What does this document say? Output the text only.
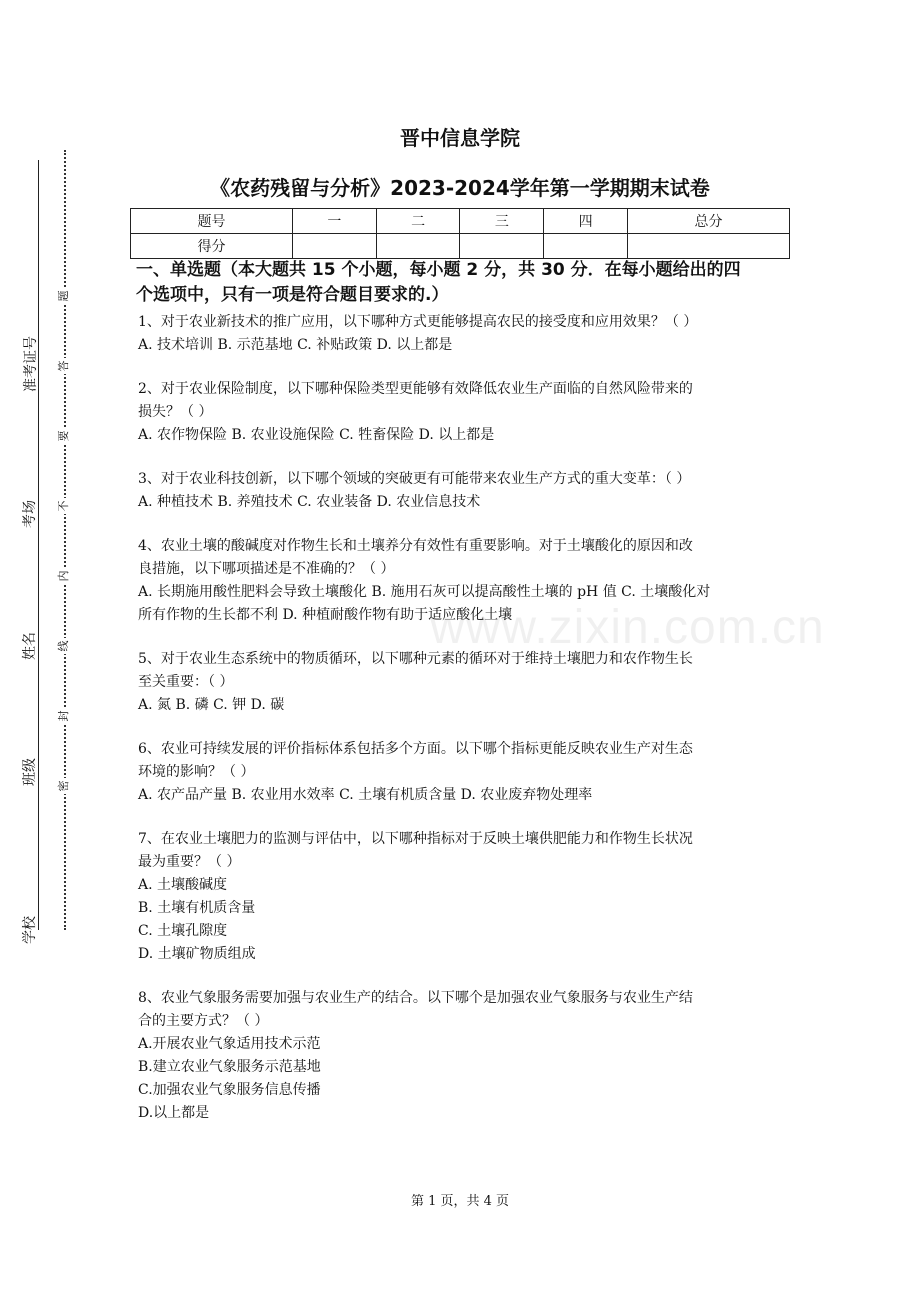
准考证号
考场
姓名
班级
学校
题
答
要
不
内
线
封
密
www.zixin.com.cn
晋中信息学院
《农药残留与分析》2023-2024学年第一学期期末试卷
题号	一	二	三	四	总分
得分					
一、单选题（本大题共 15 个小题，每小题 2 分，共 30 分．在每小题给出的四
个选项中，只有一项是符合题目要求的.）

1、对于农业新技术的推广应用，以下哪种方式更能够提高农民的接受度和应用效果？（ ）

A. 技术培训 B. 示范基地 C. 补贴政策 D. 以上都是

2、对于农业保险制度，以下哪种保险类型更能够有效降低农业生产面临的自然风险带来的

损失？（ ）

A. 农作物保险 B. 农业设施保险 C. 牲畜保险 D. 以上都是

3、对于农业科技创新，以下哪个领域的突破更有可能带来农业生产方式的重大变革：（ ）

A. 种植技术 B. 养殖技术 C. 农业装备 D. 农业信息技术

4、农业土壤的酸碱度对作物生长和土壤养分有效性有重要影响。对于土壤酸化的原因和改

良措施，以下哪项描述是不准确的？（ ）

A. 长期施用酸性肥料会导致土壤酸化 B. 施用石灰可以提高酸性土壤的 pH 值 C. 土壤酸化对

所有作物的生长都不利 D. 种植耐酸作物有助于适应酸化土壤

5、对于农业生态系统中的物质循环，以下哪种元素的循环对于维持土壤肥力和农作物生长

至关重要：（ ）

A. 氮 B. 磷 C. 钾 D. 碳

6、农业可持续发展的评价指标体系包括多个方面。以下哪个指标更能反映农业生产对生态

环境的影响？（ ）

A. 农产品产量 B. 农业用水效率 C. 土壤有机质含量 D. 农业废弃物处理率

7、在农业土壤肥力的监测与评估中，以下哪种指标对于反映土壤供肥能力和作物生长状况

最为重要？（ ）

A. 土壤酸碱度

B. 土壤有机质含量

C. 土壤孔隙度

D. 土壤矿物质组成

8、农业气象服务需要加强与农业生产的结合。以下哪个是加强农业气象服务与农业生产结

合的主要方式？（ ）

A.开展农业气象适用技术示范

B.建立农业气象服务示范基地

C.加强农业气象服务信息传播

D.以上都是

第 1 页，共 4 页
